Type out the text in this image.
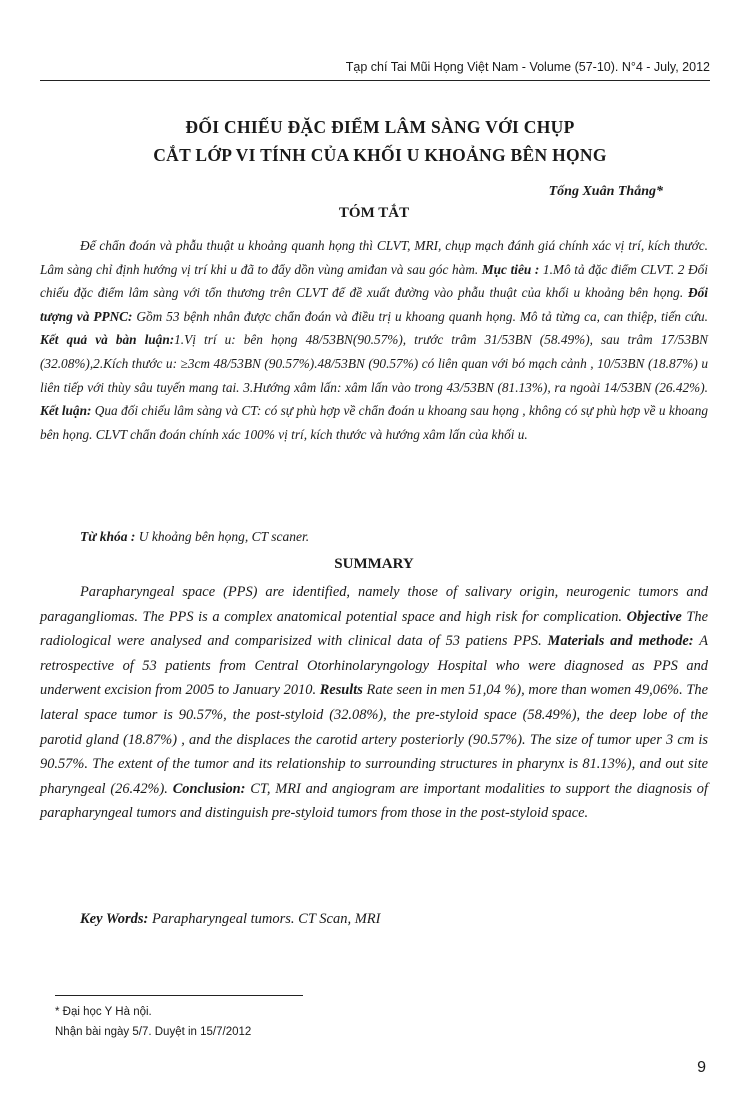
Tạp chí Tai Mũi Họng Việt Nam - Volume (57-10). N°4 - July, 2012
ĐỐI CHIẾU ĐẶC ĐIỂM LÂM SÀNG VỚI CHỤP
CẮT LỚP VI TÍNH CỦA KHỐI U KHOẢNG BÊN HỌNG
Tống Xuân Thắng*
TÓM TẮT
Để chẩn đoán và phẫu thuật u khoảng quanh họng thì CLVT, MRI, chụp mạch đánh giá chính xác vị trí, kích thước. Lâm sàng chỉ định hướng vị trí khi u đã to đẩy dồn vùng amiđan và sau góc hàm. Mục tiêu : 1.Mô tả đặc điểm CLVT. 2 Đối chiếu đặc điểm lâm sàng với tổn thương trên CLVT để đề xuất đường vào phẫu thuật của khối u khoảng bên họng. Đối tượng và PPNC: Gồm 53 bệnh nhân được chẩn đoán và điều trị u khoang quanh họng. Mô tả từng ca, can thiệp, tiến cứu. Kết quả và bàn luận:1.Vị trí u: bên họng 48/53BN(90.57%), trước trâm 31/53BN (58.49%), sau trâm 17/53BN (32.08%),2.Kích thước u: ≥3cm 48/53BN (90.57%).48/53BN (90.57%) có liên quan với bó mạch cảnh , 10/53BN (18.87%) u liên tiếp với thùy sâu tuyến mang tai. 3.Hướng xâm lấn: xâm lấn vào trong 43/53BN (81.13%), ra ngoài 14/53BN (26.42%). Kết luận: Qua đối chiếu lâm sàng và CT: có sự phù hợp về chẩn đoán u khoang sau họng , không có sự phù hợp về u khoang bên họng. CLVT chẩn đoán chính xác 100% vị trí, kích thước và hướng xâm lấn của khối u.
Từ khóa : U khoảng bên họng, CT scaner.
SUMMARY
Parapharyngeal space (PPS) are identified, namely those of salivary origin, neurogenic tumors and paragangliomas. The PPS is a complex anatomical potential space and high risk for complication. Objective The radiological were analysed and comparisized with clinical data of 53 patiens PPS. Materials and methode: A retrospective of 53 patients from Central Otorhinolaryngology Hospital who were diagnosed as PPS and underwent excision from 2005 to January 2010. Results Rate seen in men 51,04 %), more than women 49,06%. The lateral space tumor is 90.57%, the post-styloid (32.08%), the pre-styloid space (58.49%), the deep lobe of the parotid gland (18.87%) , and the displaces the carotid artery posteriorly (90.57%). The size of tumor uper 3 cm is 90.57%. The extent of the tumor and its relationship to surrounding structures in pharynx is 81.13%), and out site pharyngeal (26.42%). Conclusion: CT, MRI and angiogram are important modalities to support the diagnosis of parapharyngeal tumors and distinguish pre-styloid tumors from those in the post-styloid space.
Key Words: Parapharyngeal tumors. CT Scan, MRI
* Đại học Y Hà nội.
Nhận bài ngày 5/7. Duyệt in 15/7/2012
9
